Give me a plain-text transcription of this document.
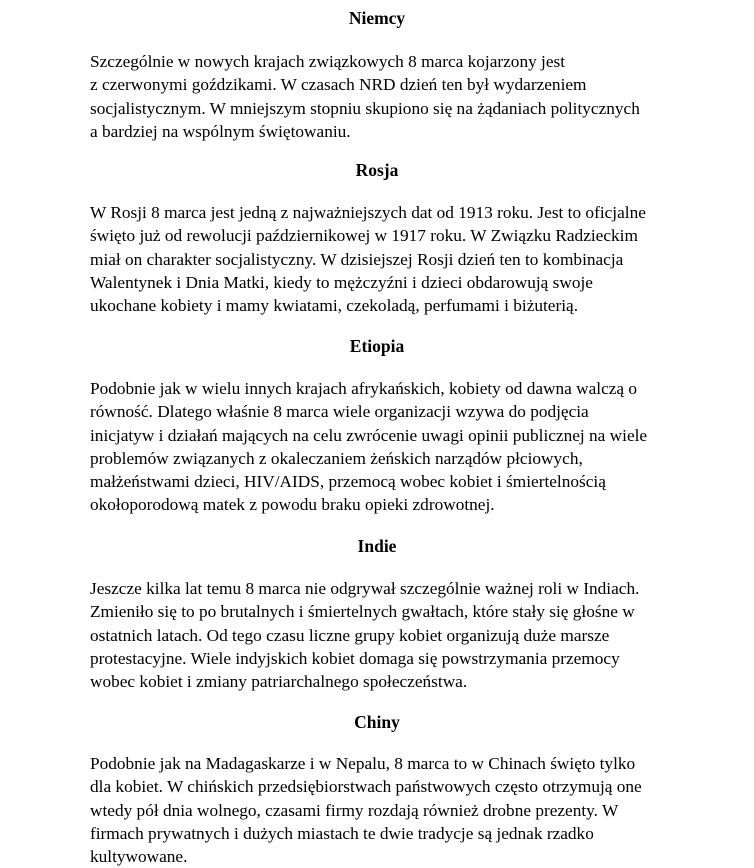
Niemcy

Szczególnie w nowych krajach związkowych 8 marca kojarzony jest
z czerwonymi goździkami. W czasach NRD dzień ten był wydarzeniem
socjalistycznym. W mniejszym stopniu skupiono się na żądaniach politycznych
a bardziej na wspólnym świętowaniu.

Rosja

W Rosji 8 marca jest jedną z najważniejszych dat od 1913 roku. Jest to oficjalne
święto już od rewolucji październikowej w 1917 roku. W Związku Radzieckim
miał on charakter socjalistyczny. W dzisiejszej Rosji dzień ten to kombinacja
Walentynek i Dnia Matki, kiedy to mężczyźni i dzieci obdarowują swoje
ukochane kobiety i mamy kwiatami, czekoladą, perfumami i biżuterią.

Etiopia

Podobnie jak w wielu innych krajach afrykańskich, kobiety od dawna walczą o
równość. Dlatego właśnie 8 marca wiele organizacji wzywa do podjęcia
inicjatyw i działań mających na celu zwrócenie uwagi opinii publicznej na wiele
problemów związanych z okaleczaniem żeńskich narządów płciowych,
małżeństwami dzieci, HIV/AIDS, przemocą wobec kobiet i śmiertelnością
okołoporodową matek z powodu braku opieki zdrowotnej.

Indie

Jeszcze kilka lat temu 8 marca nie odgrywał szczególnie ważnej roli w Indiach.
Zmieniło się to po brutalnych i śmiertelnych gwałtach, które stały się głośne w
ostatnich latach. Od tego czasu liczne grupy kobiet organizują duże marsze
protestacyjne. Wiele indyjskich kobiet domaga się powstrzymania przemocy
wobec kobiet i zmiany patriarchalnego społeczeństwa.

Chiny

Podobnie jak na Madagaskarze i w Nepalu, 8 marca to w Chinach święto tylko
dla kobiet. W chińskich przedsiębiorstwach państwowych często otrzymują one
wtedy pół dnia wolnego, czasami firmy rozdają również drobne prezenty. W
firmach prywatnych i dużych miastach te dwie tradycje są jednak rzadko
kultywowane.
